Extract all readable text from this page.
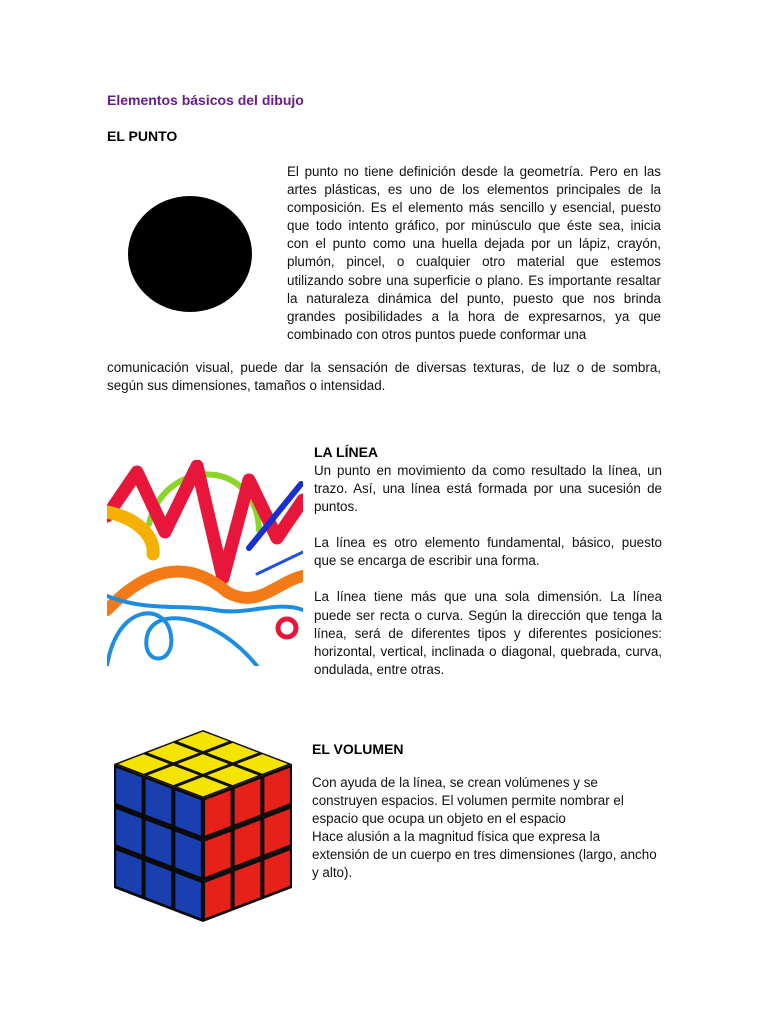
Elementos básicos del dibujo
EL PUNTO

El punto no tiene definición desde la geometría. Pero en las artes plásticas, es uno de los elementos principales de la composición. Es el elemento más sencillo y esencial, puesto que todo intento gráfico, por minúsculo que éste sea, inicia con el punto como una huella dejada por un lápiz, crayón, plumón, pincel, o cualquier otro material que estemos utilizando sobre una superficie o plano. Es importante resaltar la naturaleza dinámica del punto, puesto que nos brinda grandes posibilidades a la hora de expresarnos, ya que combinado con otros puntos puede conformar una

comunicación visual, puede dar la sensación de diversas texturas, de luz o de sombra, según sus dimensiones, tamaños o intensidad.

LA LÍNEA
Un punto en movimiento da como resultado la línea, un trazo. Así, una línea está formada por una sucesión de puntos.
La línea es otro elemento fundamental, básico, puesto que se encarga de escribir una forma.
La línea tiene más que una sola dimensión. La línea puede ser recta o curva. Según la dirección que tenga la línea, será de diferentes tipos y diferentes posiciones: horizontal, vertical, inclinada o diagonal, quebrada, curva, ondulada, entre otras.
EL VOLUMEN
Con ayuda de la línea, se crean volúmenes y se construyen espacios. El volumen permite nombrar el espacio que ocupa un objeto en el espacio
Hace alusión a la magnitud física que expresa la extensión de un cuerpo en tres dimensiones (largo, ancho y alto).
